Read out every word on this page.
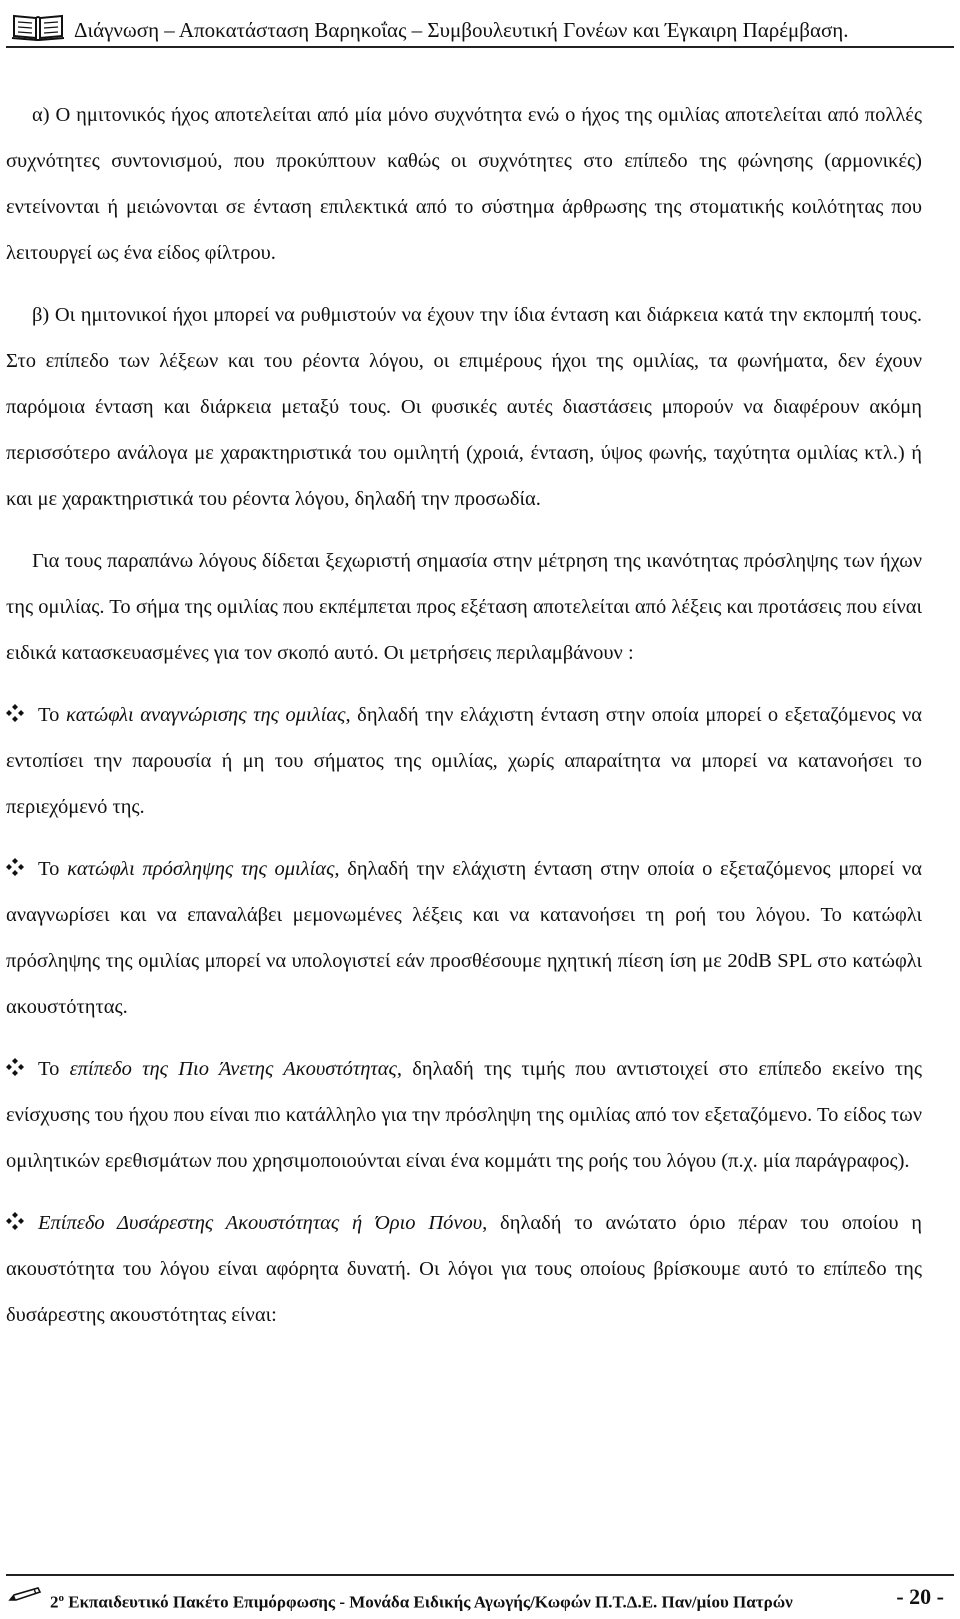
Διάγνωση – Αποκατάσταση Βαρηκοΐας – Συμβουλευτική Γονέων και Έγκαιρη Παρέμβαση.

α) Ο ημιτονικός ήχος αποτελείται από μία μόνο συχνότητα ενώ ο ήχος της ομιλίας αποτελείται από πολλές συχνότητες συντονισμού, που προκύπτουν καθώς οι συχνότητες στο επίπεδο της φώνησης (αρμονικές) εντείνονται ή μειώνονται σε ένταση επιλεκτικά από το σύστημα άρθρωσης της στοματικής κοιλότητας που λειτουργεί ως ένα είδος φίλτρου.

β) Οι ημιτονικοί ήχοι μπορεί να ρυθμιστούν να έχουν την ίδια ένταση και διάρκεια κατά την εκπομπή τους. Στο επίπεδο των λέξεων και του ρέοντα λόγου, οι επιμέρους ήχοι της ομιλίας, τα φωνήματα, δεν έχουν παρόμοια ένταση και διάρκεια μεταξύ τους. Οι φυσικές αυτές διαστάσεις μπορούν να διαφέρουν ακόμη περισσότερο ανάλογα με χαρακτηριστικά του ομιλητή (χροιά, ένταση, ύψος φωνής, ταχύτητα ομιλίας κτλ.) ή και με χαρακτηριστικά του ρέοντα λόγου, δηλαδή την προσωδία.

Για τους παραπάνω λόγους δίδεται ξεχωριστή σημασία στην μέτρηση της ικανότητας πρόσληψης των ήχων της ομιλίας. Το σήμα της ομιλίας που εκπέμπεται προς εξέταση αποτελείται από λέξεις και προτάσεις που είναι ειδικά κατασκευασμένες για τον σκοπό αυτό. Οι μετρήσεις περιλαμβάνουν :

Το κατώφλι αναγνώρισης της ομιλίας, δηλαδή την ελάχιστη ένταση στην οποία μπορεί ο εξεταζόμενος να εντοπίσει την παρουσία ή μη του σήματος της ομιλίας, χωρίς απαραίτητα να μπορεί να κατανοήσει το περιεχόμενό της.

Το κατώφλι πρόσληψης της ομιλίας, δηλαδή την ελάχιστη ένταση στην οποία ο εξεταζόμενος μπορεί να αναγνωρίσει και να επαναλάβει μεμονωμένες λέξεις και να κατανοήσει τη ροή του λόγου. Το κατώφλι πρόσληψης της ομιλίας μπορεί να υπολογιστεί εάν προσθέσουμε ηχητική πίεση ίση με 20dB SPL στο κατώφλι ακουστότητας.

Το επίπεδο της Πιο Άνετης Ακουστότητας, δηλαδή της τιμής που αντιστοιχεί στο επίπεδο εκείνο της ενίσχυσης του ήχου που είναι πιο κατάλληλο για την πρόσληψη της ομιλίας από τον εξεταζόμενο. Το είδος των ομιλητικών ερεθισμάτων που χρησιμοποιούνται είναι ένα κομμάτι της ροής του λόγου (π.χ. μία παράγραφος).

Επίπεδο Δυσάρεστης Ακουστότητας ή Όριο Πόνου, δηλαδή το ανώτατο όριο πέραν του οποίου η ακουστότητα του λόγου είναι αφόρητα δυνατή. Οι λόγοι για τους οποίους βρίσκουμε αυτό το επίπεδο της δυσάρεστης ακουστότητας είναι:

$2^o$ Εκπαιδευτικό Πακέτο Επιμόρφωσης - Μονάδα Ειδικής Αγωγής/Κωφών Π.Τ.Δ.Ε. Παν/μίου Πατρών	- 20 -
